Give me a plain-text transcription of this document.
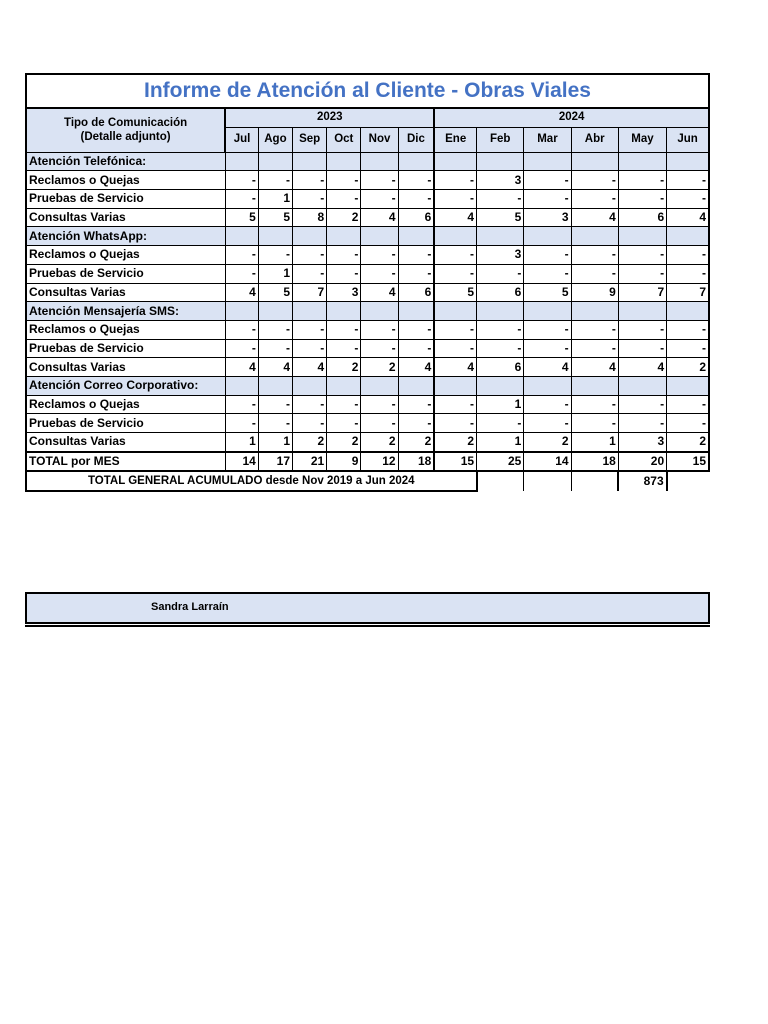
Informe de Atención al Cliente - Obras Viales
Tipo de Comunicación
(Detalle adjunto)	2023						2024					
	Jul	Ago	Sep	Oct	Nov	Dic	Ene	Feb	Mar	Abr	May	Jun
Atención Telefónica:												
Reclamos o Quejas	-	-	-	-	-	-	-	3	-	-	-	-
Pruebas de Servicio	-	1	-	-	-	-	-	-	-	-	-	-
Consultas Varias	5	5	8	2	4	6	4	5	3	4	6	4
Atención WhatsApp:												
Reclamos o Quejas	-	-	-	-	-	-	-	3	-	-	-	-
Pruebas de Servicio	-	1	-	-	-	-	-	-	-	-	-	-
Consultas Varias	4	5	7	3	4	6	5	6	5	9	7	7
Atención Mensajería SMS:												
Reclamos o Quejas	-	-	-	-	-	-	-	-	-	-	-	-
Pruebas de Servicio	-	-	-	-	-	-	-	-	-	-	-	-
Consultas Varias	4	4	4	2	2	4	4	6	4	4	4	2
Atención Correo Corporativo:												
Reclamos o Quejas	-	-	-	-	-	-	-	1	-	-	-	-
Pruebas de Servicio	-	-	-	-	-	-	-	-	-	-	-	-
Consultas Varias	1	1	2	2	2	2	2	1	2	1	3	2
TOTAL por MES	14	17	21	9	12	18	15	25	14	18	20	15
TOTAL GENERAL ACUMULADO desde Nov 2019 a Jun 2024											873	
Sandra Larraín
